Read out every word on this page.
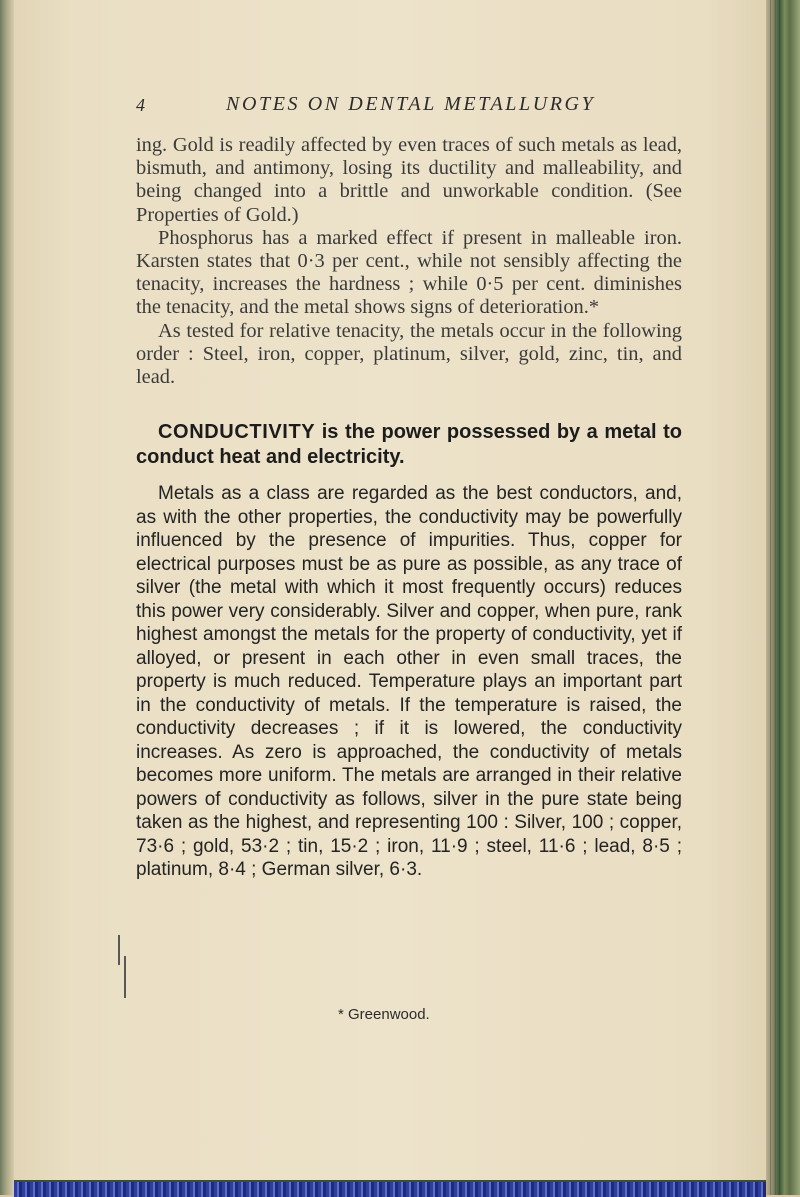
4	NOTES ON DENTAL METALLURGY

ing. Gold is readily affected by even traces of such metals as lead, bismuth, and antimony, losing its ductility and malleability, and being changed into a brittle and unworkable condition. (See Properties of Gold.)

Phosphorus has a marked effect if present in malleable iron. Karsten states that 0·3 per cent., while not sensibly affecting the tenacity, increases the hardness ; while 0·5 per cent. diminishes the tenacity, and the metal shows signs of deterioration.*

As tested for relative tenacity, the metals occur in the following order : Steel, iron, copper, platinum, silver, gold, zinc, tin, and lead.

CONDUCTIVITY is the power possessed by a metal to conduct heat and electricity.

Metals as a class are regarded as the best conductors, and, as with the other properties, the conductivity may be powerfully influenced by the presence of impurities. Thus, copper for electrical purposes must be as pure as possible, as any trace of silver (the metal with which it most frequently occurs) reduces this power very considerably. Silver and copper, when pure, rank highest amongst the metals for the property of conductivity, yet if alloyed, or present in each other in even small traces, the property is much reduced. Temperature plays an important part in the conductivity of metals. If the temperature is raised, the conductivity decreases ; if it is lowered, the conductivity increases. As zero is approached, the conductivity of metals becomes more uniform. The metals are arranged in their relative powers of conductivity as follows, silver in the pure state being taken as the highest, and representing 100 : Silver, 100 ; copper, 73·6 ; gold, 53·2 ; tin, 15·2 ; iron, 11·9 ; steel, 11·6 ; lead, 8·5 ; platinum, 8·4 ; German silver, 6·3.

* Greenwood.
